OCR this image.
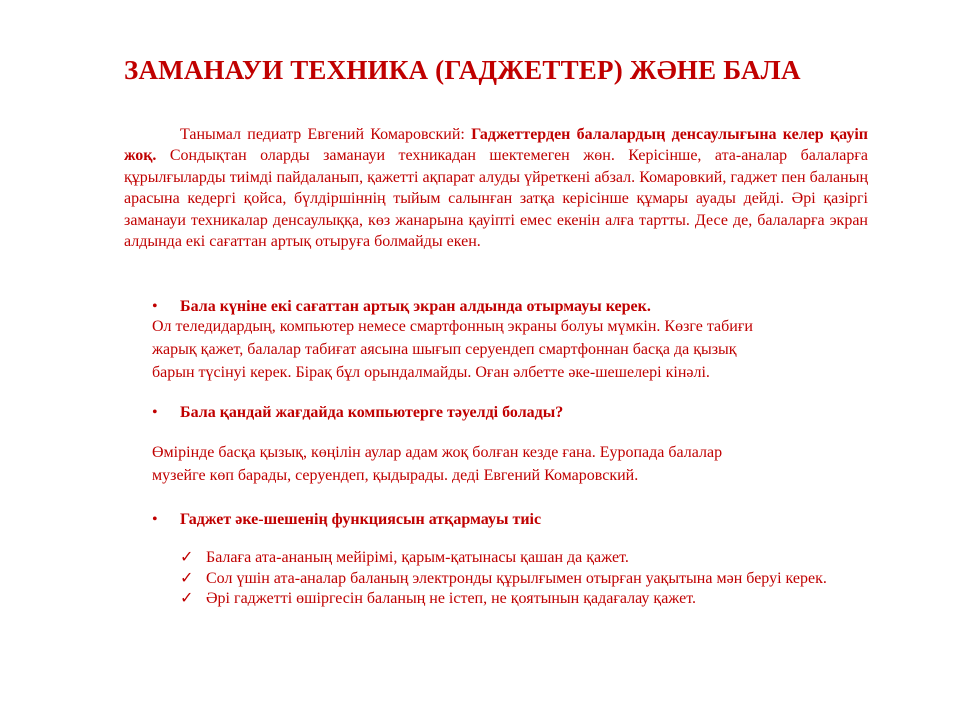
ЗАМАНАУИ ТЕХНИКА (ГАДЖЕТТЕР) ЖӘНЕ БАЛА

Танымал педиатр Евгений Комаровский: Гаджеттерден балалардың денсаулығына келер қауіп жоқ. Сондықтан оларды заманауи техникадан шектемеген жөн. Керісінше, ата-аналар балаларға құрылғыларды тиімді пайдаланып, қажетті ақпарат алуды үйреткені абзал. Комаровкий, гаджет пен баланың арасына кедергі қойса, бүлдіршіннің тыйым салынған затқа керісінше құмары ауады дейді. Әрі қазіргі заманауи техникалар денсаулыққа, көз жанарына қауіпті емес екенін алға тартты. Десе де, балаларға экран алдында екі сағаттан артық отыруға болмайды екен.

• Бала күніне екі сағаттан артық экран алдында отырмауы керек.

Ол теледидардың, компьютер немесе смартфонның экраны болуы мүмкін. Көзге табиғи
жарық қажет, балалар табиғат аясына шығып серуендеп смартфоннан басқа да қызық
барын түсінуі керек. Бірақ бұл орындалмайды. Оған әлбетте әке-шешелері кінәлі.

• Бала қандай жағдайда компьютерге тәуелді болады?

Өмірінде басқа қызық, көңілін аулар адам жоқ болған кезде ғана. Еуропада балалар
музейге көп барады, серуендеп, қыдырады. деді Евгений Комаровский.

• Гаджет әке-шешенің функциясын атқармауы тиіс
✓ Балаға ата-ананың мейірімі, қарым-қатынасы қашан да қажет.
✓ Сол үшін ата-аналар баланың электронды құрылғымен отырған уақытына мән беруі керек.
✓ Әрі гаджетті өшіргесін баланың не істеп, не қоятынын қадағалау қажет.
